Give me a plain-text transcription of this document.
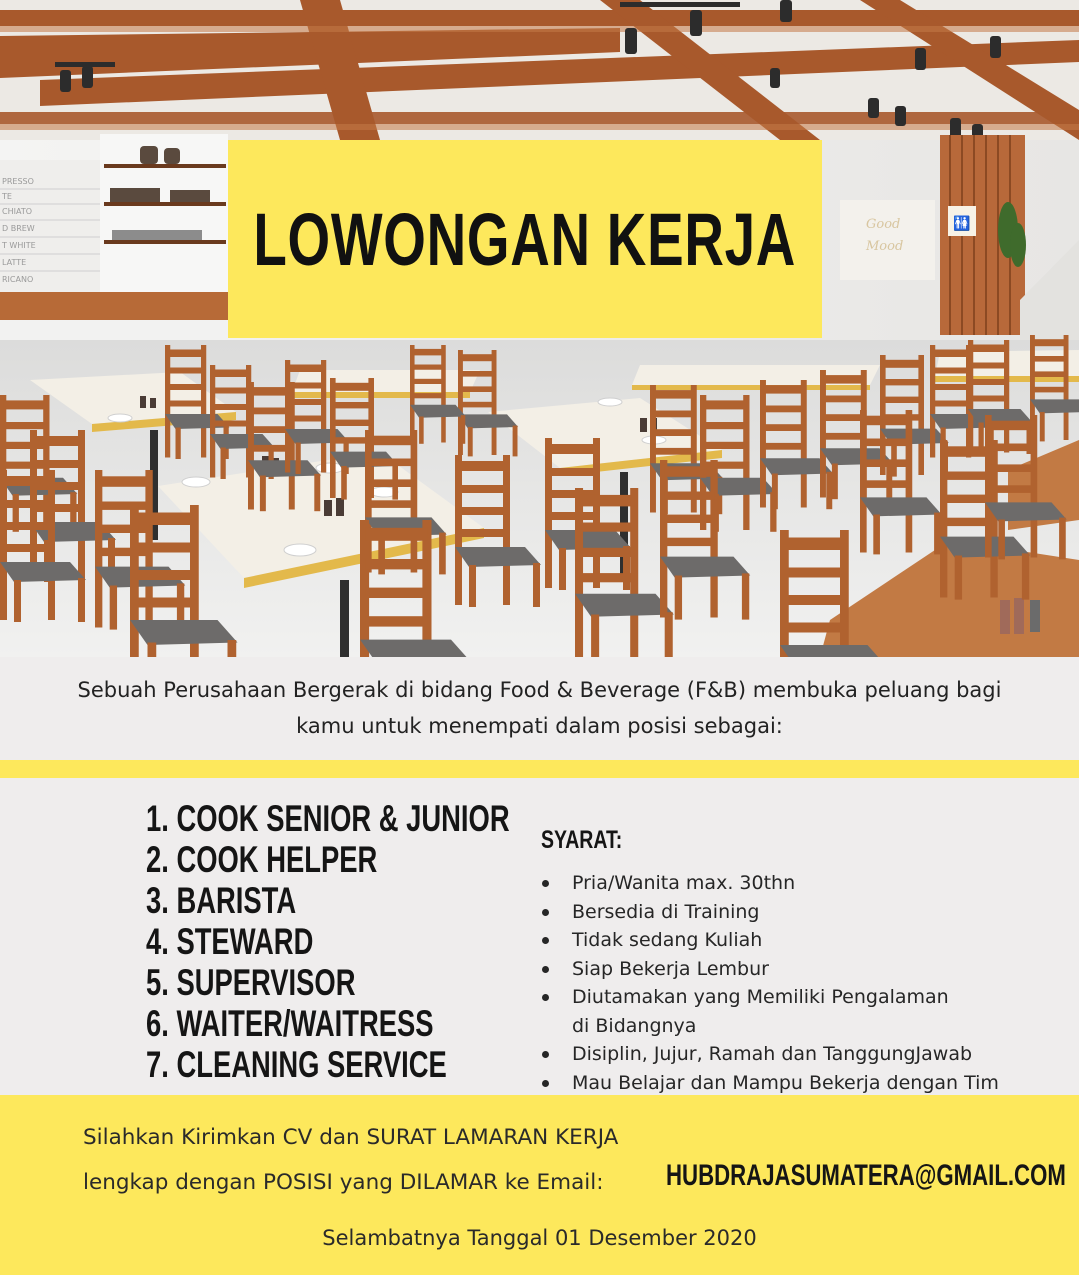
PRESSO
TE
CHIATO
D BREW
T WHITE
LATTE
RICANO
🚻
Good
Mood
LOWONGAN KERJA

Sebuah Perusahaan Bergerak di bidang Food & Beverage (F&B) membuka peluang bagi

kamu untuk menempati dalam posisi sebagai:

1. COOK SENIOR & JUNIOR
2. COOK HELPER
3. BARISTA
4. STEWARD
5. SUPERVISOR
6. WAITER/WAITRESS
7. CLEANING SERVICE
SYARAT:
Pria/Wanita max. 30thn
Bersedia di Training
Tidak sedang Kuliah
Siap Bekerja Lembur
Diutamakan yang Memiliki Pengalaman di Bidangnya
Disiplin, Jujur, Ramah dan TanggungJawab
Mau Belajar dan Mampu Bekerja dengan Tim
Silahkan Kirimkan CV dan SURAT LAMARAN KERJA
lengkap dengan POSISI yang DILAMAR ke Email: HUBDRAJASUMATERA@GMAIL.COM
Selambatnya Tanggal 01 Desember 2020
